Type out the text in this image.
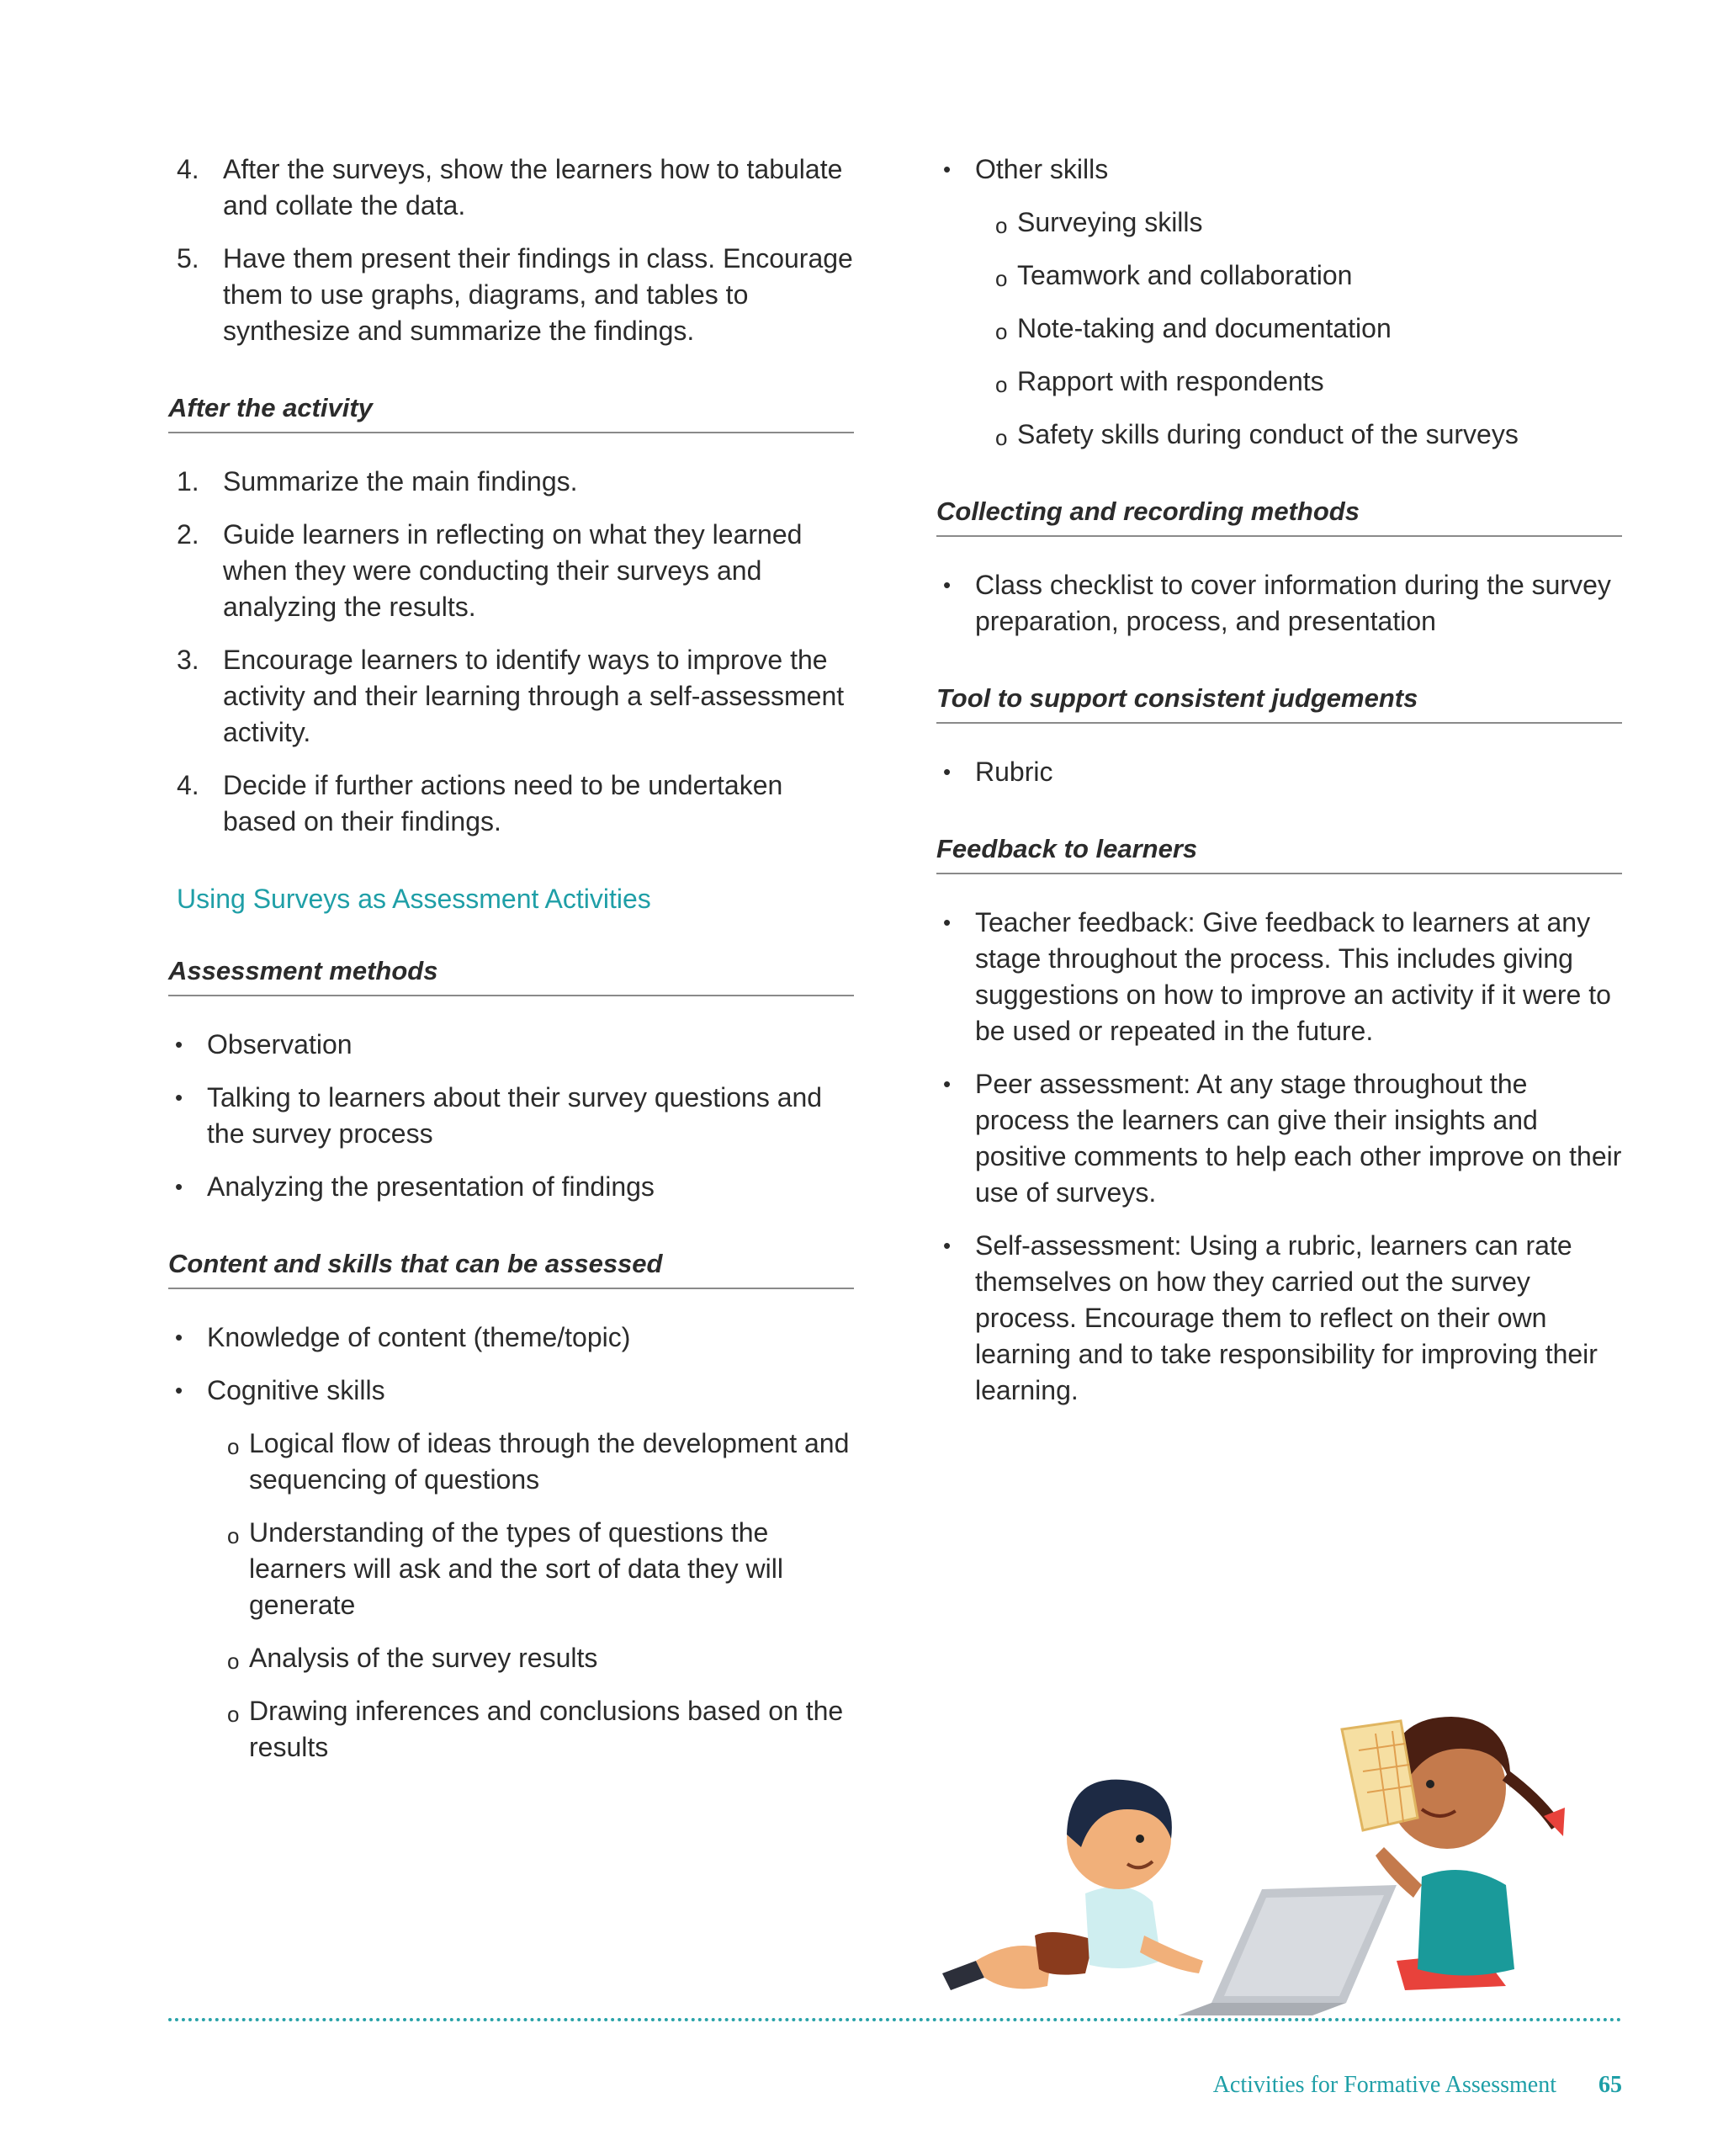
4. After the surveys, show the learners how to tabulate and collate the data.
5. Have them present their findings in class. Encourage them to use graphs, diagrams, and tables to synthesize and summarize the findings.
After the activity
1. Summarize the main findings.
2. Guide learners in reflecting on what they learned when they were conducting their surveys and analyzing the results.
3. Encourage learners to identify ways to improve the activity and their learning through a self-assessment activity.
4. Decide if further actions need to be undertaken based on their findings.
Using Surveys as Assessment Activities
Assessment methods
• Observation
• Talking to learners about their survey questions and the survey process
• Analyzing the presentation of findings
Content and skills that can be assessed
• Knowledge of content (theme/topic)
• Cognitive skills
o Logical flow of ideas through the development and sequencing of questions
o Understanding of the types of questions the learners will ask and the sort of data they will generate
o Analysis of the survey results
o Drawing inferences and conclusions based on the results
• Other skills
o Surveying skills
o Teamwork and collaboration
o Note-taking and documentation
o Rapport with respondents
o Safety skills during conduct of the surveys
Collecting and recording methods
• Class checklist to cover information during the survey preparation, process, and presentation
Tool to support consistent judgements
• Rubric
Feedback to learners
• Teacher feedback: Give feedback to learners at any stage throughout the process. This includes giving suggestions on how to improve an activity if it were to be used or repeated in the future.
• Peer assessment: At any stage throughout the process the learners can give their insights and positive comments to help each other improve on their use of surveys.
• Self-assessment: Using a rubric, learners can rate themselves on how they carried out the survey process. Encourage them to reflect on their own learning and to take responsibility for improving their learning.
Activities for Formative Assessment 65
